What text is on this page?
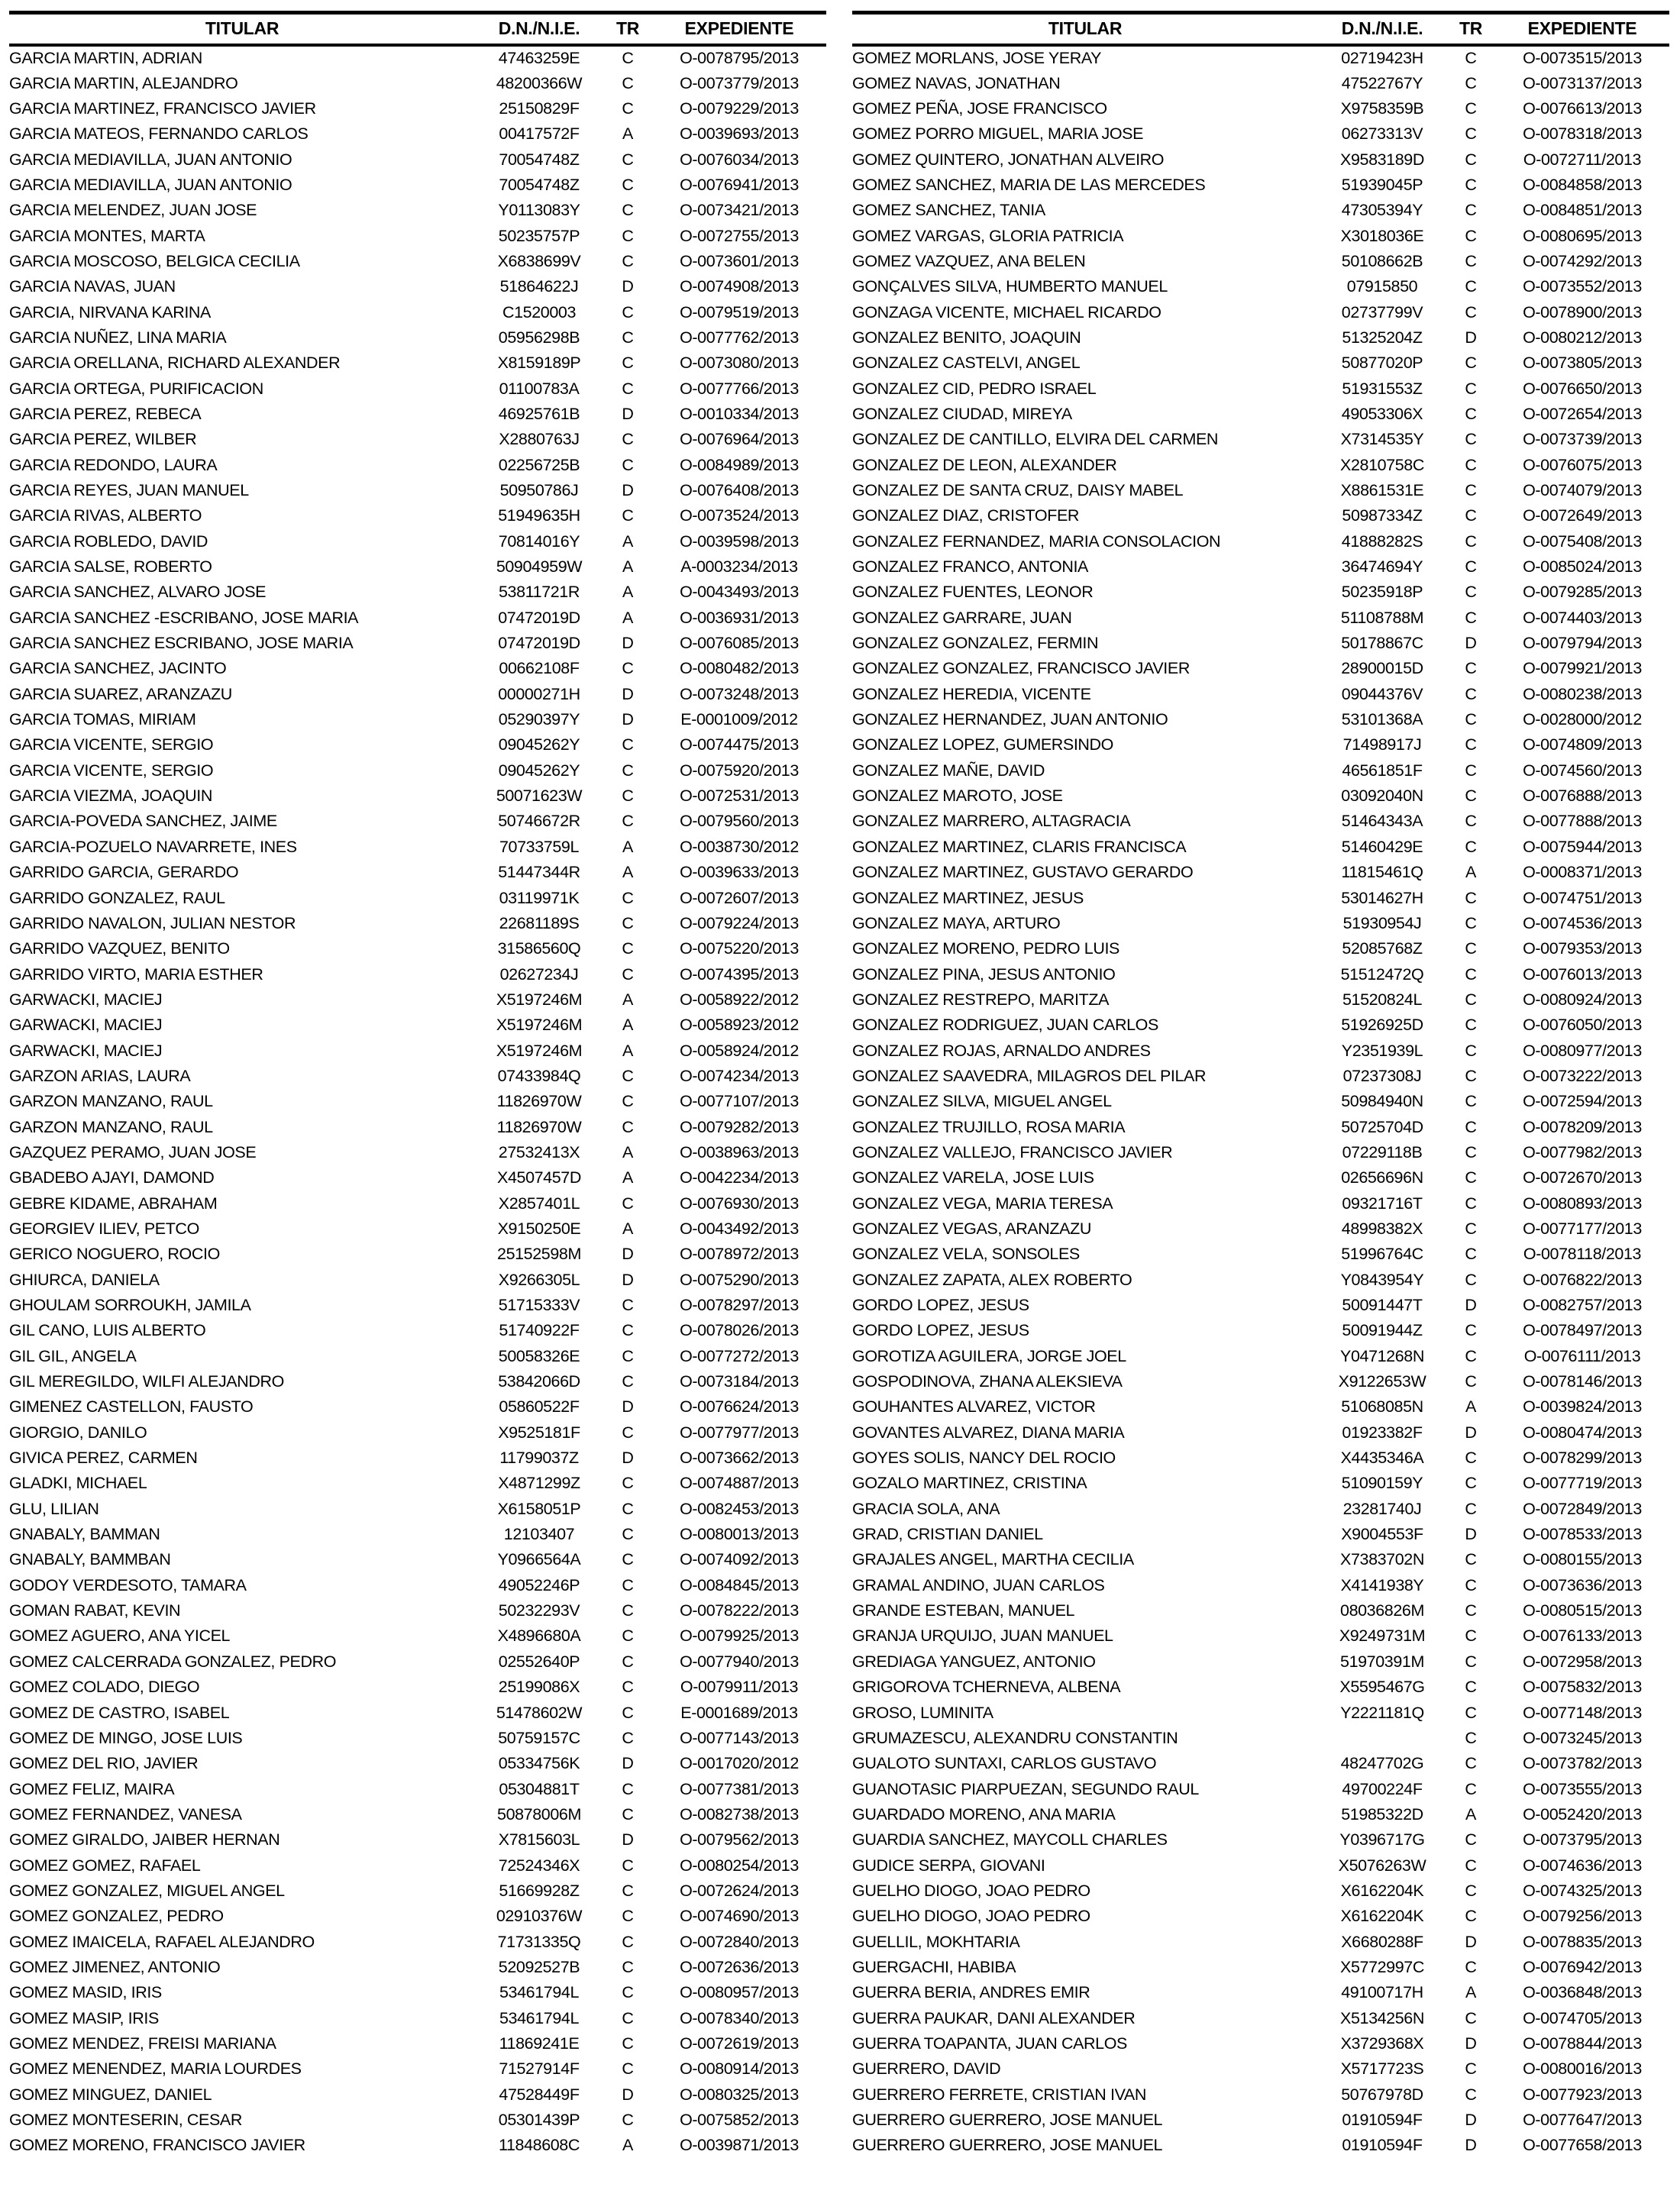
TITULAR	D.N./N.I.E.	TR	EXPEDIENTE
GARCIA MARTIN, ADRIAN	47463259E	C	O-0078795/2013
GARCIA MARTIN, ALEJANDRO	48200366W	C	O-0073779/2013
GARCIA MARTINEZ, FRANCISCO JAVIER	25150829F	C	O-0079229/2013
GARCIA MATEOS, FERNANDO CARLOS	00417572F	A	O-0039693/2013
GARCIA MEDIAVILLA, JUAN ANTONIO	70054748Z	C	O-0076034/2013
GARCIA MEDIAVILLA, JUAN ANTONIO	70054748Z	C	O-0076941/2013
GARCIA MELENDEZ, JUAN JOSE	Y0113083Y	C	O-0073421/2013
GARCIA MONTES, MARTA	50235757P	C	O-0072755/2013
GARCIA MOSCOSO, BELGICA CECILIA	X6838699V	C	O-0073601/2013
GARCIA NAVAS, JUAN	51864622J	D	O-0074908/2013
GARCIA, NIRVANA KARINA	C1520003	C	O-0079519/2013
GARCIA NUÑEZ, LINA MARIA	05956298B	C	O-0077762/2013
GARCIA ORELLANA, RICHARD ALEXANDER	X8159189P	C	O-0073080/2013
GARCIA ORTEGA, PURIFICACION	01100783A	C	O-0077766/2013
GARCIA PEREZ, REBECA	46925761B	D	O-0010334/2013
GARCIA PEREZ, WILBER	X2880763J	C	O-0076964/2013
GARCIA REDONDO, LAURA	02256725B	C	O-0084989/2013
GARCIA REYES, JUAN MANUEL	50950786J	D	O-0076408/2013
GARCIA RIVAS, ALBERTO	51949635H	C	O-0073524/2013
GARCIA ROBLEDO, DAVID	70814016Y	A	O-0039598/2013
GARCIA SALSE, ROBERTO	50904959W	A	A-0003234/2013
GARCIA SANCHEZ, ALVARO JOSE	53811721R	A	O-0043493/2013
GARCIA SANCHEZ -ESCRIBANO, JOSE MARIA	07472019D	A	O-0036931/2013
GARCIA SANCHEZ ESCRIBANO, JOSE MARIA	07472019D	D	O-0076085/2013
GARCIA SANCHEZ, JACINTO	00662108F	C	O-0080482/2013
GARCIA SUAREZ, ARANZAZU	00000271H	D	O-0073248/2013
GARCIA TOMAS, MIRIAM	05290397Y	D	E-0001009/2012
GARCIA VICENTE, SERGIO	09045262Y	C	O-0074475/2013
GARCIA VICENTE, SERGIO	09045262Y	C	O-0075920/2013
GARCIA VIEZMA, JOAQUIN	50071623W	C	O-0072531/2013
GARCIA-POVEDA SANCHEZ, JAIME	50746672R	C	O-0079560/2013
GARCIA-POZUELO NAVARRETE, INES	70733759L	A	O-0038730/2012
GARRIDO GARCIA, GERARDO	51447344R	A	O-0039633/2013
GARRIDO GONZALEZ, RAUL	03119971K	C	O-0072607/2013
GARRIDO NAVALON, JULIAN NESTOR	22681189S	C	O-0079224/2013
GARRIDO VAZQUEZ, BENITO	31586560Q	C	O-0075220/2013
GARRIDO VIRTO, MARIA ESTHER	02627234J	C	O-0074395/2013
GARWACKI, MACIEJ	X5197246M	A	O-0058922/2012
GARWACKI, MACIEJ	X5197246M	A	O-0058923/2012
GARWACKI, MACIEJ	X5197246M	A	O-0058924/2012
GARZON ARIAS, LAURA	07433984Q	C	O-0074234/2013
GARZON MANZANO, RAUL	11826970W	C	O-0077107/2013
GARZON MANZANO, RAUL	11826970W	C	O-0079282/2013
GAZQUEZ PERAMO, JUAN JOSE	27532413X	A	O-0038963/2013
GBADEBO AJAYI, DAMOND	X4507457D	A	O-0042234/2013
GEBRE KIDAME, ABRAHAM	X2857401L	C	O-0076930/2013
GEORGIEV ILIEV, PETCO	X9150250E	A	O-0043492/2013
GERICO NOGUERO, ROCIO	25152598M	D	O-0078972/2013
GHIURCA, DANIELA	X9266305L	D	O-0075290/2013
GHOULAM SORROUKH, JAMILA	51715333V	C	O-0078297/2013
GIL CANO, LUIS ALBERTO	51740922F	C	O-0078026/2013
GIL GIL, ANGELA	50058326E	C	O-0077272/2013
GIL MEREGILDO, WILFI ALEJANDRO	53842066D	C	O-0073184/2013
GIMENEZ CASTELLON, FAUSTO	05860522F	D	O-0076624/2013
GIORGIO, DANILO	X9525181F	C	O-0077977/2013
GIVICA PEREZ, CARMEN	11799037Z	D	O-0073662/2013
GLADKI, MICHAEL	X4871299Z	C	O-0074887/2013
GLU, LILIAN	X6158051P	C	O-0082453/2013
GNABALY, BAMMAN	12103407	C	O-0080013/2013
GNABALY, BAMMBAN	Y0966564A	C	O-0074092/2013
GODOY VERDESOTO, TAMARA	49052246P	C	O-0084845/2013
GOMAN RABAT, KEVIN	50232293V	C	O-0078222/2013
GOMEZ AGUERO, ANA YICEL	X4896680A	C	O-0079925/2013
GOMEZ CALCERRADA GONZALEZ, PEDRO	02552640P	C	O-0077940/2013
GOMEZ COLADO, DIEGO	25199086X	C	O-0079911/2013
GOMEZ DE CASTRO, ISABEL	51478602W	C	E-0001689/2013
GOMEZ DE MINGO, JOSE LUIS	50759157C	C	O-0077143/2013
GOMEZ DEL RIO, JAVIER	05334756K	D	O-0017020/2012
GOMEZ FELIZ, MAIRA	05304881T	C	O-0077381/2013
GOMEZ FERNANDEZ, VANESA	50878006M	C	O-0082738/2013
GOMEZ GIRALDO, JAIBER HERNAN	X7815603L	D	O-0079562/2013
GOMEZ GOMEZ, RAFAEL	72524346X	C	O-0080254/2013
GOMEZ GONZALEZ, MIGUEL ANGEL	51669928Z	C	O-0072624/2013
GOMEZ GONZALEZ, PEDRO	02910376W	C	O-0074690/2013
GOMEZ IMAICELA, RAFAEL ALEJANDRO	71731335Q	C	O-0072840/2013
GOMEZ JIMENEZ, ANTONIO	52092527B	C	O-0072636/2013
GOMEZ MASID, IRIS	53461794L	C	O-0080957/2013
GOMEZ MASIP, IRIS	53461794L	C	O-0078340/2013
GOMEZ MENDEZ, FREISI MARIANA	11869241E	C	O-0072619/2013
GOMEZ MENENDEZ, MARIA LOURDES	71527914F	C	O-0080914/2013
GOMEZ MINGUEZ, DANIEL	47528449F	D	O-0080325/2013
GOMEZ MONTESERIN, CESAR	05301439P	C	O-0075852/2013
GOMEZ MORENO, FRANCISCO JAVIER	11848608C	A	O-0039871/2013
TITULAR	D.N./N.I.E.	TR	EXPEDIENTE
GOMEZ MORLANS, JOSE YERAY	02719423H	C	O-0073515/2013
GOMEZ NAVAS, JONATHAN	47522767Y	C	O-0073137/2013
GOMEZ PEÑA, JOSE FRANCISCO	X9758359B	C	O-0076613/2013
GOMEZ PORRO MIGUEL, MARIA JOSE	06273313V	C	O-0078318/2013
GOMEZ QUINTERO, JONATHAN ALVEIRO	X9583189D	C	O-0072711/2013
GOMEZ SANCHEZ, MARIA DE LAS MERCEDES	51939045P	C	O-0084858/2013
GOMEZ SANCHEZ, TANIA	47305394Y	C	O-0084851/2013
GOMEZ VARGAS, GLORIA PATRICIA	X3018036E	C	O-0080695/2013
GOMEZ VAZQUEZ, ANA BELEN	50108662B	C	O-0074292/2013
GONÇALVES SILVA, HUMBERTO MANUEL	07915850	C	O-0073552/2013
GONZAGA VICENTE, MICHAEL RICARDO	02737799V	C	O-0078900/2013
GONZALEZ BENITO, JOAQUIN	51325204Z	D	O-0080212/2013
GONZALEZ CASTELVI, ANGEL	50877020P	C	O-0073805/2013
GONZALEZ CID, PEDRO ISRAEL	51931553Z	C	O-0076650/2013
GONZALEZ CIUDAD, MIREYA	49053306X	C	O-0072654/2013
GONZALEZ DE CANTILLO, ELVIRA DEL CARMEN	X7314535Y	C	O-0073739/2013
GONZALEZ DE LEON, ALEXANDER	X2810758C	C	O-0076075/2013
GONZALEZ DE SANTA CRUZ, DAISY MABEL	X8861531E	C	O-0074079/2013
GONZALEZ DIAZ, CRISTOFER	50987334Z	C	O-0072649/2013
GONZALEZ FERNANDEZ, MARIA CONSOLACION	41888282S	C	O-0075408/2013
GONZALEZ FRANCO, ANTONIA	36474694Y	C	O-0085024/2013
GONZALEZ FUENTES, LEONOR	50235918P	C	O-0079285/2013
GONZALEZ GARRARE, JUAN	51108788M	C	O-0074403/2013
GONZALEZ GONZALEZ, FERMIN	50178867C	D	O-0079794/2013
GONZALEZ GONZALEZ, FRANCISCO JAVIER	28900015D	C	O-0079921/2013
GONZALEZ HEREDIA, VICENTE	09044376V	C	O-0080238/2013
GONZALEZ HERNANDEZ, JUAN ANTONIO	53101368A	C	O-0028000/2012
GONZALEZ LOPEZ, GUMERSINDO	71498917J	C	O-0074809/2013
GONZALEZ MAÑE, DAVID	46561851F	C	O-0074560/2013
GONZALEZ MAROTO, JOSE	03092040N	C	O-0076888/2013
GONZALEZ MARRERO, ALTAGRACIA	51464343A	C	O-0077888/2013
GONZALEZ MARTINEZ, CLARIS FRANCISCA	51460429E	C	O-0075944/2013
GONZALEZ MARTINEZ, GUSTAVO GERARDO	11815461Q	A	O-0008371/2013
GONZALEZ MARTINEZ, JESUS	53014627H	C	O-0074751/2013
GONZALEZ MAYA, ARTURO	51930954J	C	O-0074536/2013
GONZALEZ MORENO, PEDRO LUIS	52085768Z	C	O-0079353/2013
GONZALEZ PINA, JESUS ANTONIO	51512472Q	C	O-0076013/2013
GONZALEZ RESTREPO, MARITZA	51520824L	C	O-0080924/2013
GONZALEZ RODRIGUEZ, JUAN CARLOS	51926925D	C	O-0076050/2013
GONZALEZ ROJAS, ARNALDO ANDRES	Y2351939L	C	O-0080977/2013
GONZALEZ SAAVEDRA, MILAGROS DEL PILAR	07237308J	C	O-0073222/2013
GONZALEZ SILVA, MIGUEL ANGEL	50984940N	C	O-0072594/2013
GONZALEZ TRUJILLO, ROSA MARIA	50725704D	C	O-0078209/2013
GONZALEZ VALLEJO, FRANCISCO JAVIER	07229118B	C	O-0077982/2013
GONZALEZ VARELA, JOSE LUIS	02656696N	C	O-0072670/2013
GONZALEZ VEGA, MARIA TERESA	09321716T	C	O-0080893/2013
GONZALEZ VEGAS, ARANZAZU	48998382X	C	O-0077177/2013
GONZALEZ VELA, SONSOLES	51996764C	C	O-0078118/2013
GONZALEZ ZAPATA, ALEX ROBERTO	Y0843954Y	C	O-0076822/2013
GORDO LOPEZ, JESUS	50091447T	D	O-0082757/2013
GORDO LOPEZ, JESUS	50091944Z	C	O-0078497/2013
GOROTIZA AGUILERA, JORGE JOEL	Y0471268N	C	O-0076111/2013
GOSPODINOVA, ZHANA ALEKSIEVA	X9122653W	C	O-0078146/2013
GOUHANTES ALVAREZ, VICTOR	51068085N	A	O-0039824/2013
GOVANTES ALVAREZ, DIANA MARIA	01923382F	D	O-0080474/2013
GOYES SOLIS, NANCY DEL ROCIO	X4435346A	C	O-0078299/2013
GOZALO MARTINEZ, CRISTINA	51090159Y	C	O-0077719/2013
GRACIA SOLA, ANA	23281740J	C	O-0072849/2013
GRAD, CRISTIAN DANIEL	X9004553F	D	O-0078533/2013
GRAJALES ANGEL, MARTHA CECILIA	X7383702N	C	O-0080155/2013
GRAMAL ANDINO, JUAN CARLOS	X4141938Y	C	O-0073636/2013
GRANDE ESTEBAN, MANUEL	08036826M	C	O-0080515/2013
GRANJA URQUIJO, JUAN MANUEL	X9249731M	C	O-0076133/2013
GREDIAGA YANGUEZ, ANTONIO	51970391M	C	O-0072958/2013
GRIGOROVA TCHERNEVA, ALBENA	X5595467G	C	O-0075832/2013
GROSO, LUMINITA	Y2221181Q	C	O-0077148/2013
GRUMAZESCU, ALEXANDRU CONSTANTIN		C	O-0073245/2013
GUALOTO SUNTAXI, CARLOS GUSTAVO	48247702G	C	O-0073782/2013
GUANOTASIC PIARPUEZAN, SEGUNDO RAUL	49700224F	C	O-0073555/2013
GUARDADO MORENO, ANA MARIA	51985322D	A	O-0052420/2013
GUARDIA SANCHEZ, MAYCOLL CHARLES	Y0396717G	C	O-0073795/2013
GUDICE SERPA, GIOVANI	X5076263W	C	O-0074636/2013
GUELHO DIOGO, JOAO PEDRO	X6162204K	C	O-0074325/2013
GUELHO DIOGO, JOAO PEDRO	X6162204K	C	O-0079256/2013
GUELLIL, MOKHTARIA	X6680288F	D	O-0078835/2013
GUERGACHI, HABIBA	X5772997C	C	O-0076942/2013
GUERRA BERIA, ANDRES EMIR	49100717H	A	O-0036848/2013
GUERRA PAUKAR, DANI ALEXANDER	X5134256N	C	O-0074705/2013
GUERRA TOAPANTA, JUAN CARLOS	X3729368X	D	O-0078844/2013
GUERRERO, DAVID	X5717723S	C	O-0080016/2013
GUERRERO FERRETE, CRISTIAN IVAN	50767978D	C	O-0077923/2013
GUERRERO GUERRERO, JOSE MANUEL	01910594F	D	O-0077647/2013
GUERRERO GUERRERO, JOSE MANUEL	01910594F	D	O-0077658/2013
